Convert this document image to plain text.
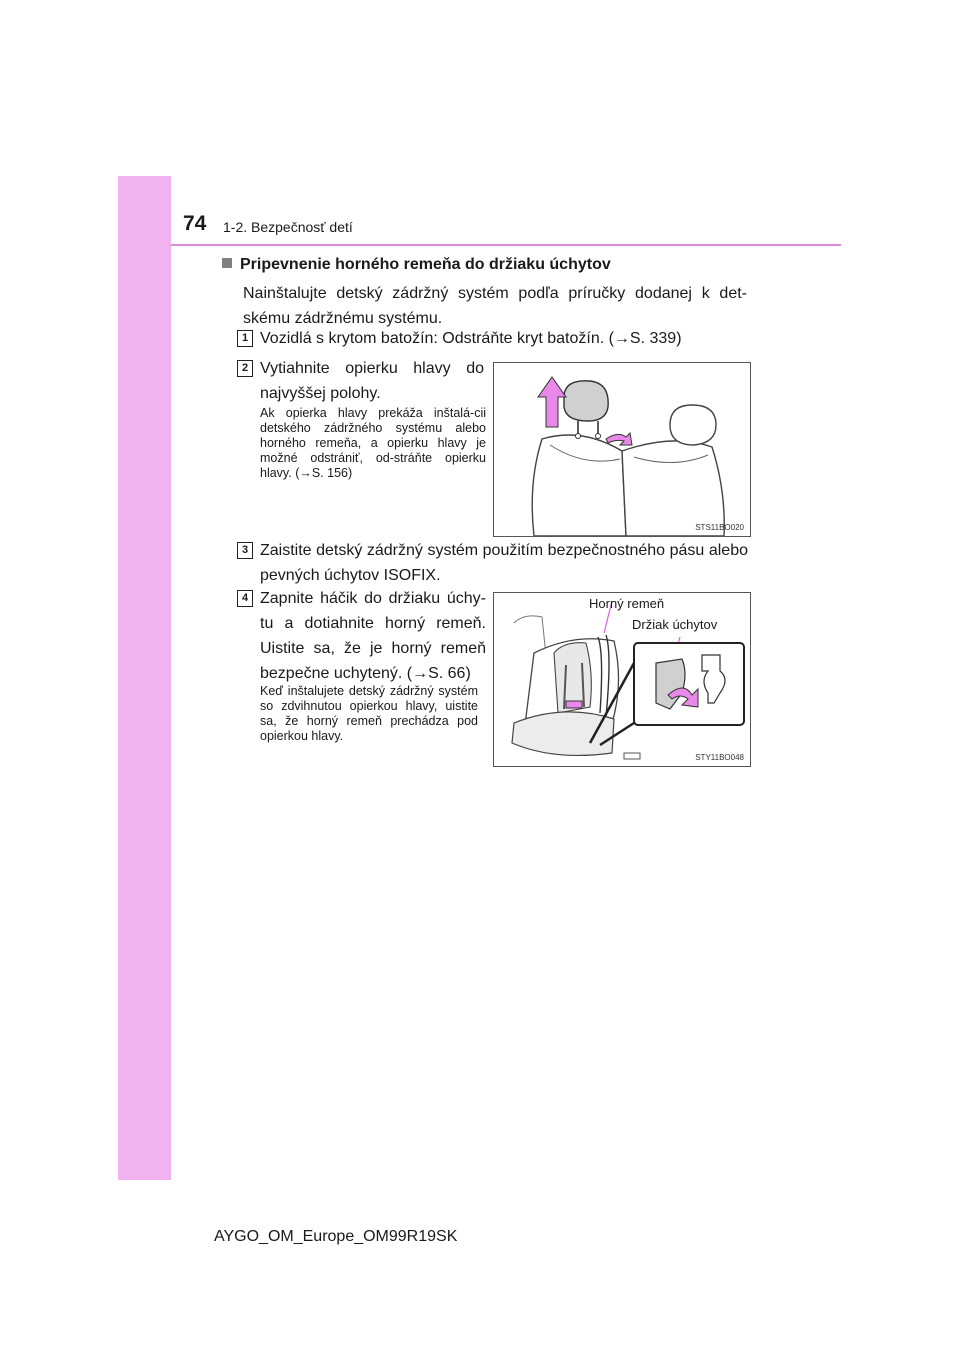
74 1-2. Bezpečnosť detí
Pripevnenie horného remeňa do držiaku úchytov
Nainštalujte detský zádržný systém podľa príručky dodanej k det-skému zádržnému systému.
1 Vozidlá s krytom batožín: Odstráňte kryt batožín. (→S. 339)
2 Vytiahnite opierku hlavy do najvyššej polohy.
Ak opierka hlavy prekáža inštalá-cii detského zádržného systému alebo horného remeňa, a opierku hlavy je možné odstrániť, od-stráňte opierku hlavy. (→S. 156)
STS11BO020
3 Zaistite detský zádržný systém použitím bezpečnostného pásu alebo pevných úchytov ISOFIX.
4 Zapnite háčik do držiaku úchy-tu a dotiahnite horný remeň. Uistite sa, že je horný remeň bezpečne uchytený. (→S. 66)
Keď inštalujete detský zádržný systém so zdvihnutou opierkou hlavy, uistite sa, že horný remeň prechádza pod opierkou hlavy.
Horný remeň
Držiak úchytov
STY11BO048
AYGO_OM_Europe_OM99R19SK
